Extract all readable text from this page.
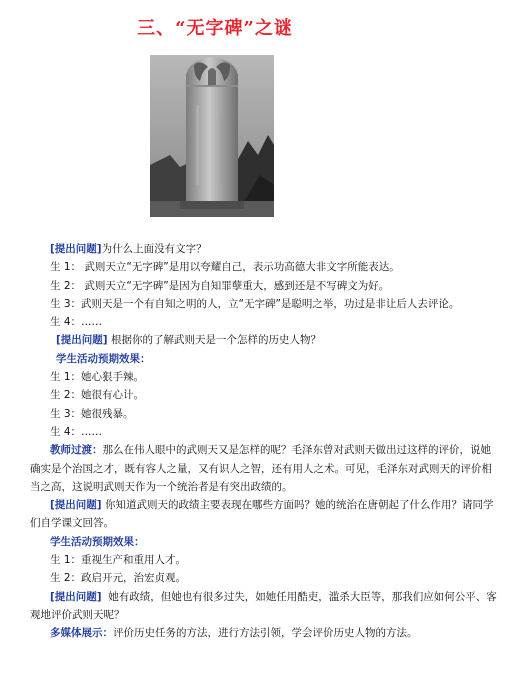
三、“无字碑”之谜

[提出问题]为什么上面没有文字？

生 1： 武则天立“无字碑”是用以夸耀自己，表示功高德大非文字所能表达。

生 2： 武则天立“无字碑”是因为自知罪孽重大，感到还是不写碑文为好。

生 3：武则天是一个有自知之明的人，立“无字碑”是聪明之举，功过是非让后人去评论。

生 4：……

[提出问题] 根据你的了解武则天是一个怎样的历史人物？

学生活动预期效果：

生 1：她心狠手辣。

生 2：她很有心计。

生 3：她很残暴。

生 4：……

教师过渡：那么在伟人眼中的武则天又是怎样的呢？毛泽东曾对武则天做出过这样的评价，说她确实是个治国之才，既有容人之量，又有识人之智，还有用人之术。可见，毛泽东对武则天的评价相当之高，这说明武则天作为一个统治者是有突出政绩的。

[提出问题] 你知道武则天的政绩主要表现在哪些方面吗？她的统治在唐朝起了什么作用？请同学们自学课文回答。

学生活动预期效果：

生 1：重视生产和重用人才。

生 2：政启开元，治宏贞观。

[提出问题] 她有政绩，但她也有很多过失，如她任用酷吏，滥杀大臣等，那我们应如何公平、客观地评价武则天呢？

多媒体展示：评价历史任务的方法，进行方法引领，学会评价历史人物的方法。
